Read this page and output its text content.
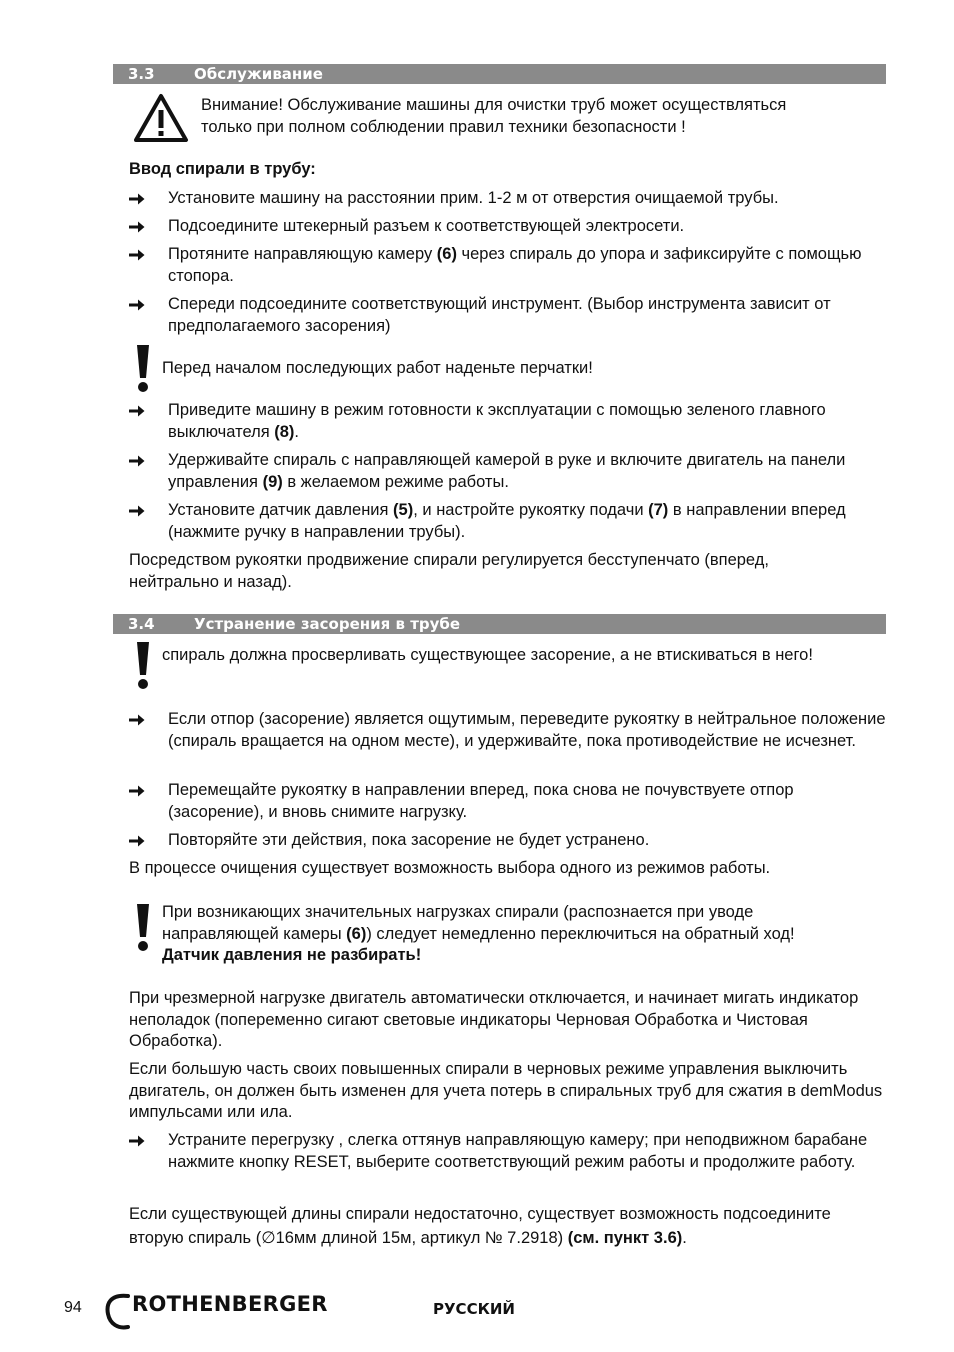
3.3	Обслуживание
Внимание! Обслуживание машины для очистки труб может осуществляться
только при полном соблюдении правил техники безопасности !
Ввод спирали в трубу:
Установите машину на расстоянии прим. 1-2 м от отверстия очищаемой трубы.
Подсоедините штекерный разъем к соответствующей электросети.
Протяните направляющую камеру (6) через спираль до упора и зафиксируйте с помощью стопора.
Спереди подсоедините соответствующий инструмент. (Выбор инструмента зависит от предполагаемого засорения)
Перед началом последующих работ наденьте перчатки!
Приведите машину в режим готовности к эксплуатации с помощью зеленого главного выключателя (8).
Удерживайте спираль с направляющей камерой в руке и включите двигатель на панели управления (9) в желаемом режиме работы.
Установите датчик давления (5), и настройте рукоятку подачи (7) в направлении вперед (нажмите ручку в направлении трубы).
Посредством рукоятки продвижение спирали регулируется бесступенчато (вперед, нейтрально и назад).
3.4	Устранение засорения в трубе
спираль должна просверливать существующее засорение, а не втискиваться в него!
Если отпор (засорение) является ощутимым, переведите рукоятку в нейтральное положение (спираль вращается на одном месте), и удерживайте, пока противодействие не исчезнет.
Перемещайте рукоятку в направлении вперед, пока снова не почувствуете отпор (засорение), и вновь снимите нагрузку.
Повторяйте эти действия, пока засорение не будет устранено.
В процессе очищения существует возможность выбора одного из режимов работы.
При возникающих значительных нагрузках спирали (распознается при уводе направляющей камеры (6)) следует немедленно переключиться на обратный ход! Датчик давления не разбирать!
При чрезмерной нагрузке двигатель автоматически отключается, и начинает мигать индикатор неполадок (попеременно сигают световые индикаторы Черновая Обработка и Чистовая Обработка).
Если большую часть своих повышенных спирали в черновых режиме управления выключить двигатель, он должен быть изменен для учета потерь в спиральных труб для сжатия в demModus импульсами или ила.
Устраните перегрузку , слегка оттянув направляющую камеру; при неподвижном барабане нажмите кнопку RESET, выберите соответствующий режим работы и продолжите работу.
Если существующей длины спирали недостаточно, существует возможность подсоедините вторую спираль (∅16мм длиной 15м, артикул № 7.2918) (см. пункт 3.6).
94 ROTHENBERGER	РУССКИЙ
